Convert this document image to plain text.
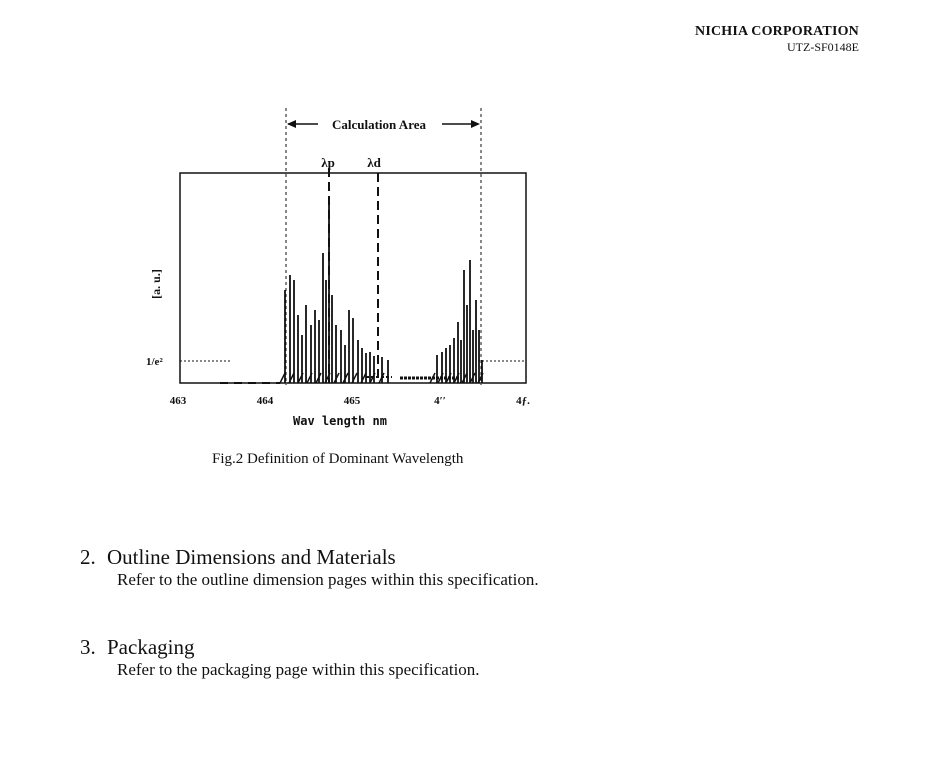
NICHIA CORPORATION
UTZ-SF0148E
Calculation Area
λp λd
1/e²
[a. u.]
463	464	465	4′′	4ƒ.
Wav length nm
Fig.2 Definition of Dominant Wavelength
2. Outline Dimensions and Materials
Refer to the outline dimension pages within this specification.
3. Packaging
Refer to the packaging page within this specification.
